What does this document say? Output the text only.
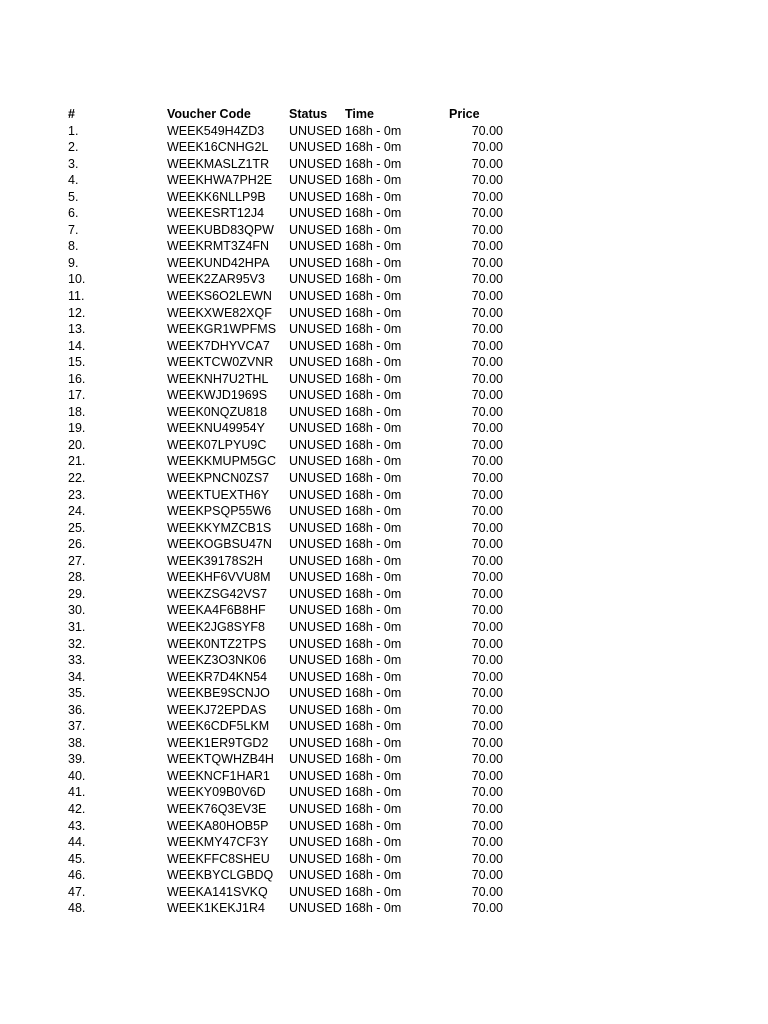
#	Voucher Code	Status Time	Price
1.	WEEK549H4ZD3 UNUSED 168h - 0m	70.00
2.	WEEK16CNHG2L UNUSED 168h - 0m	70.00
3.	WEEKMASLZ1TR UNUSED 168h - 0m	70.00
4.	WEEKHWA7PH2E UNUSED 168h - 0m	70.00
5.	WEEKK6NLLP9B UNUSED 168h - 0m	70.00
6.	WEEKESRT12J4 UNUSED 168h - 0m	70.00
7.	WEEKUBD83QPW UNUSED 168h - 0m	70.00
8.	WEEKRMT3Z4FN UNUSED 168h - 0m	70.00
9.	WEEKUND42HPA UNUSED 168h - 0m	70.00
10.	WEEK2ZAR95V3 UNUSED 168h - 0m	70.00
11.	WEEKS6O2LEWN UNUSED 168h - 0m	70.00
12.	WEEKXWE82XQF UNUSED 168h - 0m	70.00
13.	WEEKGR1WPFMS UNUSED 168h - 0m	70.00
14.	WEEK7DHYVCA7 UNUSED 168h - 0m	70.00
15.	WEEKTCW0ZVNR UNUSED 168h - 0m	70.00
16.	WEEKNH7U2THL UNUSED 168h - 0m	70.00
17.	WEEKWJD1969S UNUSED 168h - 0m	70.00
18.	WEEK0NQZU818 UNUSED 168h - 0m	70.00
19.	WEEKNU49954Y UNUSED 168h - 0m	70.00
20.	WEEK07LPYU9C UNUSED 168h - 0m	70.00
21.	WEEKKMUPM5GC UNUSED 168h - 0m	70.00
22.	WEEKPNCN0ZS7 UNUSED 168h - 0m	70.00
23.	WEEKTUEXTH6Y UNUSED 168h - 0m	70.00
24.	WEEKPSQP55W6 UNUSED 168h - 0m	70.00
25.	WEEKKYMZCB1S UNUSED 168h - 0m	70.00
26.	WEEKOGBSU47N UNUSED 168h - 0m	70.00
27.	WEEK39178S2H UNUSED 168h - 0m	70.00
28.	WEEKHF6VVU8M UNUSED 168h - 0m	70.00
29.	WEEKZSG42VS7 UNUSED 168h - 0m	70.00
30.	WEEKA4F6B8HF UNUSED 168h - 0m	70.00
31.	WEEK2JG8SYF8 UNUSED 168h - 0m	70.00
32.	WEEK0NTZ2TPS UNUSED 168h - 0m	70.00
33.	WEEKZ3O3NK06 UNUSED 168h - 0m	70.00
34.	WEEKR7D4KN54 UNUSED 168h - 0m	70.00
35.	WEEKBE9SCNJO UNUSED 168h - 0m	70.00
36.	WEEKJ72EPDAS UNUSED 168h - 0m	70.00
37.	WEEK6CDF5LKM UNUSED 168h - 0m	70.00
38.	WEEK1ER9TGD2 UNUSED 168h - 0m	70.00
39.	WEEKTQWHZB4H UNUSED 168h - 0m	70.00
40.	WEEKNCF1HAR1 UNUSED 168h - 0m	70.00
41.	WEEKY09B0V6D UNUSED 168h - 0m	70.00
42.	WEEK76Q3EV3E UNUSED 168h - 0m	70.00
43.	WEEKA80HOB5P UNUSED 168h - 0m	70.00
44.	WEEKMY47CF3Y UNUSED 168h - 0m	70.00
45.	WEEKFFC8SHEU UNUSED 168h - 0m	70.00
46.	WEEKBYCLGBDQ UNUSED 168h - 0m	70.00
47.	WEEKA141SVKQ UNUSED 168h - 0m	70.00
48.	WEEK1KEKJ1R4 UNUSED 168h - 0m	70.00
